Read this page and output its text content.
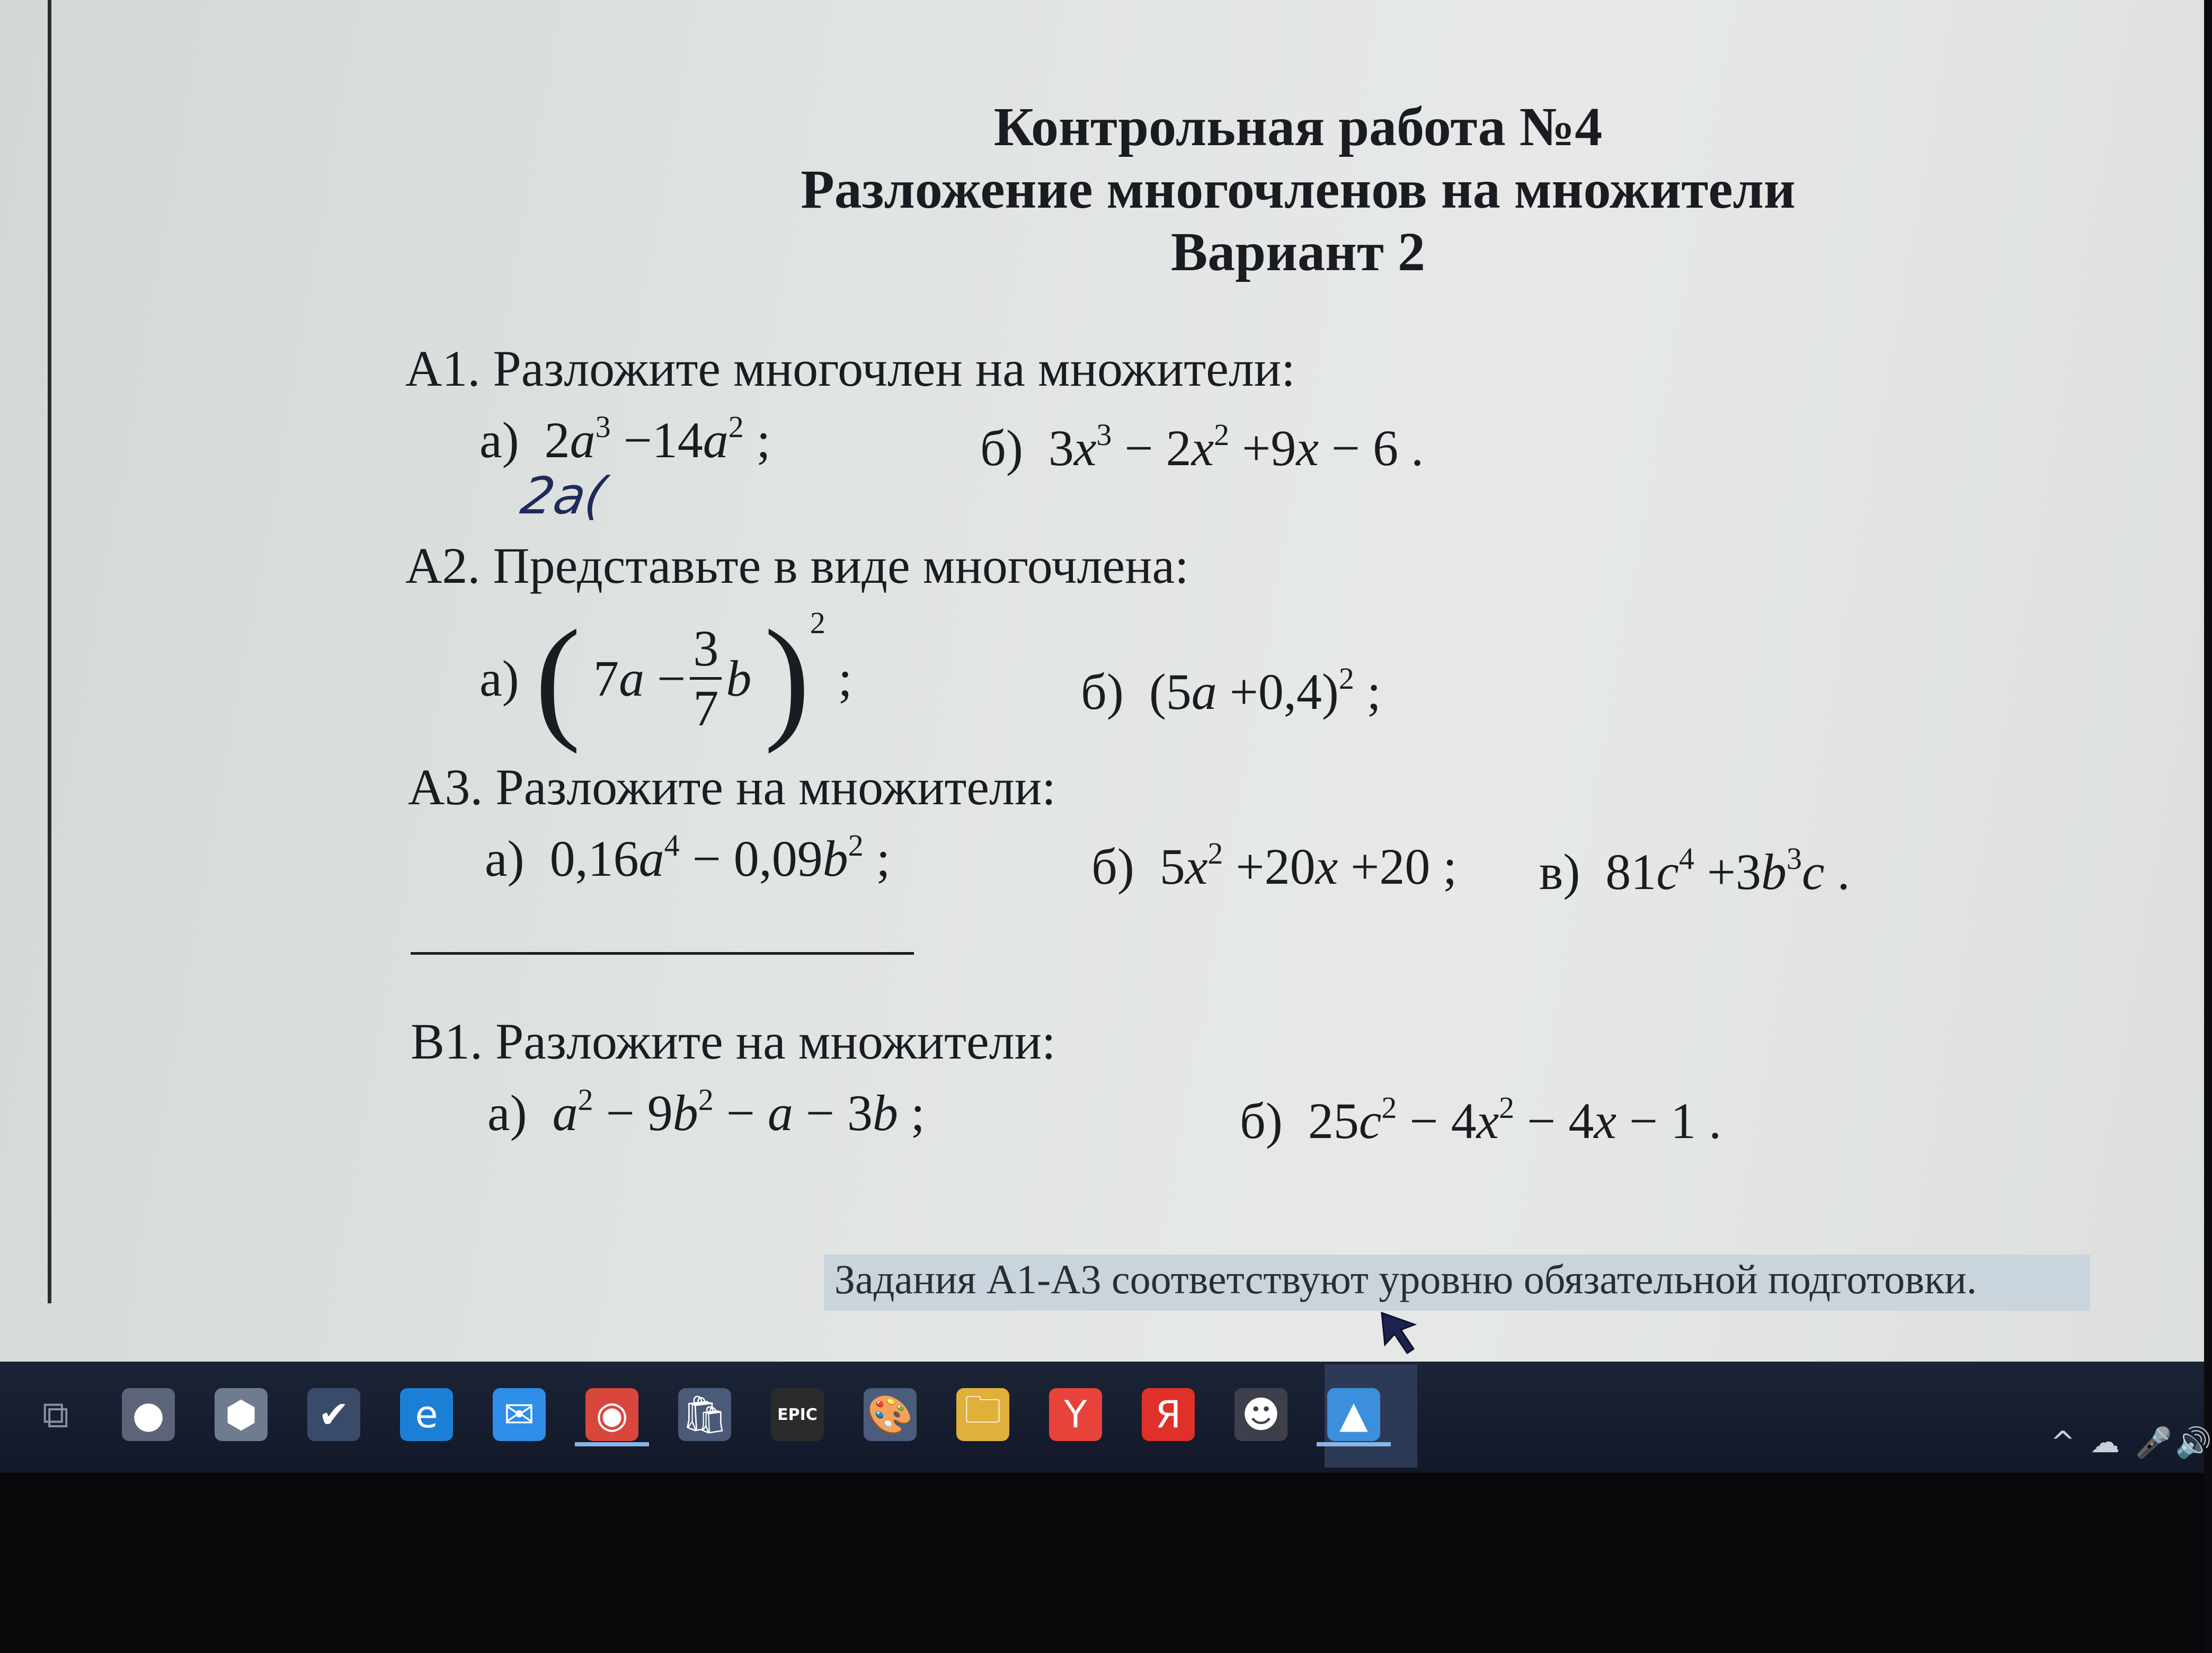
Контрольная работа №4
Разложение многочленов на множители
Вариант 2
А1. Разложите многочлен на множители:
а)  $2a^3 -14a^2$ ;	б)  $3x^3 - 2x^2 +9x - 6$ .
2a(
А2. Представьте в виде многочлена:
а) ( $7a - \frac{3}{7}$ b ) 2
;	б)  $(5a +0,4)^2$ ;
А3. Разложите на множители:
а)  $0,16a^4 - 0,09b^2$ ;	б)  $5x^2 +20x +20$ ; в)  $81c^4 +3b^3c$ .
В1. Разложите на множители:
а) $a^2 - 9b^2 - a - 3b$ ;	б)  $25c^2 - 4x^2 - 4x - 1$ .
Задания А1-А3 соответствуют уровню обязательной подготовки.
⧉	● ⬢ ✔	e	✉ ◉ 🛍	EPIC 🎨 🗀	Y	Я	☻	▲
^ ☁ 🎤 🔊
